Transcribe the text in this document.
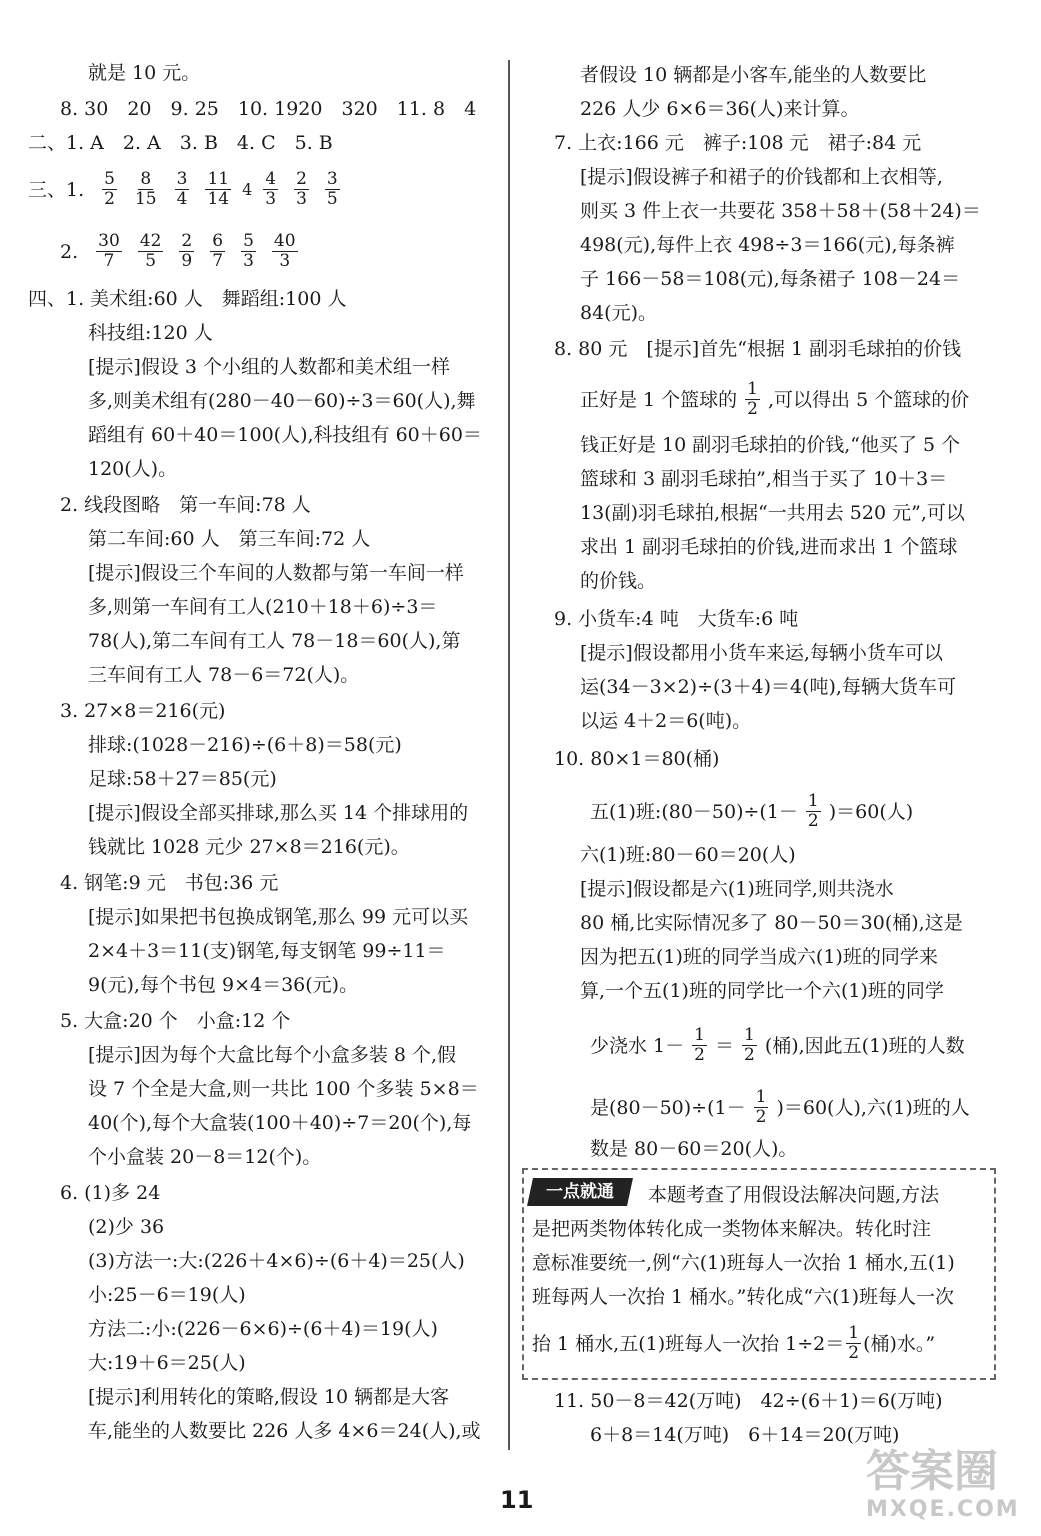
就是 10 元。
8. 30　20　9. 25　10. 1920　320　11. 8　4
二、1. A　2. A　3. B　4. C　5. B
三、1. $\frac{5}{2} \frac{8}{15} \frac{3}{4} \frac{11}{14} 4 \frac{4}{3} \frac{2}{3} \frac{3}{5}$
2. $\frac{30}{7} \frac{42}{5} \frac{2}{9} \frac{6}{7} \frac{5}{3} \frac{40}{3}$
四、1. 美术组:60 人　舞蹈组:100 人
科技组:120 人
[提示]假设 3 个小组的人数都和美术组一样
多,则美术组有(280－40－60)÷3＝60(人),舞
蹈组有 60＋40＝100(人),科技组有 60＋60＝
120(人)。
2. 线段图略　第一车间:78 人
第二车间:60 人　第三车间:72 人
[提示]假设三个车间的人数都与第一车间一样
多,则第一车间有工人(210＋18＋6)÷3＝
78(人),第二车间有工人 78－18＝60(人),第
三车间有工人 78－6＝72(人)。
3. 27×8＝216(元)
排球:(1028－216)÷(6＋8)＝58(元)
足球:58＋27＝85(元)
[提示]假设全部买排球,那么买 14 个排球用的
钱就比 1028 元少 27×8＝216(元)。
4. 钢笔:9 元　书包:36 元
[提示]如果把书包换成钢笔,那么 99 元可以买
2×4＋3＝11(支)钢笔,每支钢笔 99÷11＝
9(元),每个书包 9×4＝36(元)。
5. 大盒:20 个　小盒:12 个
[提示]因为每个大盒比每个小盒多装 8 个,假
设 7 个全是大盒,则一共比 100 个多装 5×8＝
40(个),每个大盒装(100＋40)÷7＝20(个),每
个小盒装 20－8＝12(个)。
6. (1)多 24
(2)少 36
(3)方法一:大:(226＋4×6)÷(6＋4)＝25(人)
小:25－6＝19(人)
方法二:小:(226－6×6)÷(6＋4)＝19(人)
大:19＋6＝25(人)
[提示]利用转化的策略,假设 10 辆都是大客
车,能坐的人数要比 226 人多 4×6＝24(人),或
者假设 10 辆都是小客车,能坐的人数要比
226 人少 6×6＝36(人)来计算。
7. 上衣:166 元　裤子:108 元　裙子:84 元
[提示]假设裤子和裙子的价钱都和上衣相等,
则买 3 件上衣一共要花 358＋58＋(58＋24)＝
498(元),每件上衣 498÷3＝166(元),每条裤
子 166－58＝108(元),每条裙子 108－24＝
84(元)。
8. 80 元　[提示]首先“根据 1 副羽毛球拍的价钱
正好是 1 个篮球的 $\frac{1}{2}$ ,可以得出 5 个篮球的价
钱正好是 10 副羽毛球拍的价钱,“他买了 5 个
篮球和 3 副羽毛球拍”,相当于买了 10＋3＝
13(副)羽毛球拍,根据“一共用去 520 元”,可以
求出 1 副羽毛球拍的价钱,进而求出 1 个篮球
的价钱。
9. 小货车:4 吨　大货车:6 吨
[提示]假设都用小货车来运,每辆小货车可以
运(34－3×2)÷(3＋4)＝4(吨),每辆大货车可
以运 4＋2＝6(吨)。
10. 80×1＝80(桶)
五(1)班:(80－50)÷(1－ $\frac{1}{2} )=60$(人)
六(1)班:80－60＝20(人)
[提示]假设都是六(1)班同学,则共浇水
80 桶,比实际情况多了 80－50＝30(桶),这是
因为把五(1)班的同学当成六(1)班的同学来
算,一个五(1)班的同学比一个六(1)班的同学
少浇水 $1- \frac{1}{2} = \frac{1}{2}$ (桶),因此五(1)班的人数
是$(80-50)\div(1- \frac{1}{2} )=60$(人),六(1)班的人
数是 80－60＝20(人)。
一点就通	本题考查了用假设法解决问题,方法
是把两类物体转化成一类物体来解决。转化时注
意标准要统一,例“六(1)班每人一次抬 1 桶水,五(1)
班每两人一次抬 1 桶水。”转化成“六(1)班每人一次
抬 1 桶水,五(1)班每人一次抬 $1\div 2= \frac{1}{2}$ (桶)水。”
11. 50－8＝42(万吨)　42÷(6＋1)＝6(万吨)
6＋8＝14(万吨)　6＋14＝20(万吨)
11
答案圈
MXQE.COM
